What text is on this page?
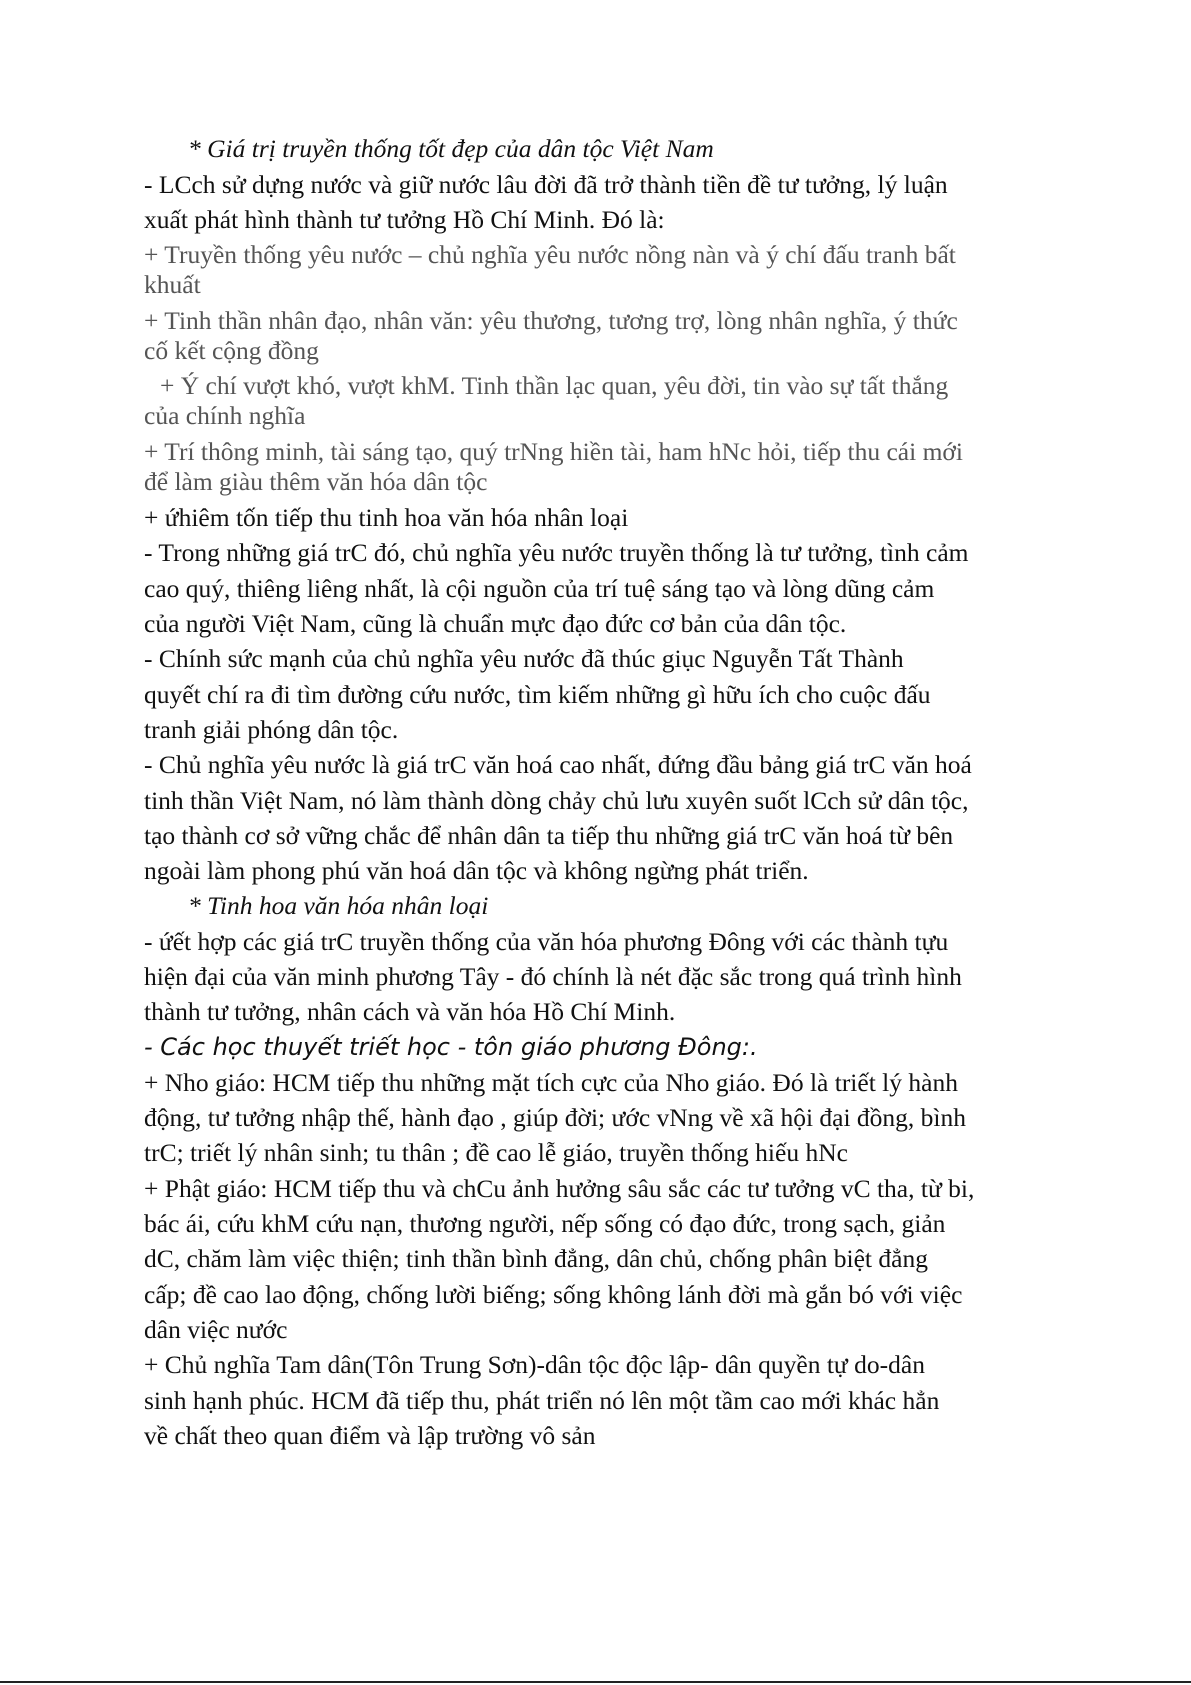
* Giá trị truyền thống tốt đẹp của dân tộc Việt Nam
- LCch sử dựng nước và giữ nước lâu đời đã trở thành tiền đề tư tưởng, lý luận
xuất phát hình thành tư tưởng Hồ Chí Minh. Đó là:
+ Truyền thống yêu nước – chủ nghĩa yêu nước nồng nàn và ý chí đấu tranh bất
khuất
+ Tinh thần nhân đạo, nhân văn: yêu thương, tương trợ, lòng nhân nghĩa, ý thức
cố kết cộng đồng
+ Ý chí vượt khó, vượt khM. Tinh thần lạc quan, yêu đời, tin vào sự tất thắng
của chính nghĩa
+ Trí thông minh, tài sáng tạo, quý trNng hiền tài, ham hNc hỏi, tiếp thu cái mới
để làm giàu thêm văn hóa dân tộc
+ ứhiêm tốn tiếp thu tinh hoa văn hóa nhân loại
- Trong những giá trC đó, chủ nghĩa yêu nước truyền thống là tư tưởng, tình cảm
cao quý, thiêng liêng nhất, là cội nguồn của trí tuệ sáng tạo và lòng dũng cảm
của người Việt Nam, cũng là chuẩn mực đạo đức cơ bản của dân tộc.
- Chính sức mạnh của chủ nghĩa yêu nước đã thúc giục Nguyễn Tất Thành
quyết chí ra đi tìm đường cứu nước, tìm kiếm những gì hữu ích cho cuộc đấu
tranh giải phóng dân tộc.
- Chủ nghĩa yêu nước là giá trC văn hoá cao nhất, đứng đầu bảng giá trC văn hoá
tinh thần Việt Nam, nó làm thành dòng chảy chủ lưu xuyên suốt lCch sử dân tộc,
tạo thành cơ sở vững chắc để nhân dân ta tiếp thu những giá trC văn hoá từ bên
ngoài làm phong phú văn hoá dân tộc và không ngừng phát triển.
* Tinh hoa văn hóa nhân loại
- ứết hợp các giá trC truyền thống của văn hóa phương Đông với các thành tựu
hiện đại của văn minh phương Tây - đó chính là nét đặc sắc trong quá trình hình
thành tư tưởng, nhân cách và văn hóa Hồ Chí Minh.
- Các học thuyết triết học - tôn giáo phương Đông:.
+ Nho giáo: HCM tiếp thu những mặt tích cực của Nho giáo. Đó là triết lý hành
động, tư tưởng nhập thế, hành đạo , giúp đời; ước vNng về xã hội đại đồng, bình
trC; triết lý nhân sinh; tu thân ; đề cao lễ giáo, truyền thống hiếu hNc
+ Phật giáo: HCM tiếp thu và chCu ảnh hưởng sâu sắc các tư tưởng vC tha, từ bi,
bác ái, cứu khM cứu nạn, thương người, nếp sống có đạo đức, trong sạch, giản
dC, chăm làm việc thiện; tinh thần bình đẳng, dân chủ, chống phân biệt đẳng
cấp; đề cao lao động, chống lười biếng; sống không lánh đời mà gắn bó với việc
dân việc nước
+ Chủ nghĩa Tam dân(Tôn Trung Sơn)-dân tộc độc lập- dân quyền tự do-dân
sinh hạnh phúc. HCM đã tiếp thu, phát triển nó lên một tầm cao mới khác hẳn
về chất theo quan điểm và lập trường vô sản
